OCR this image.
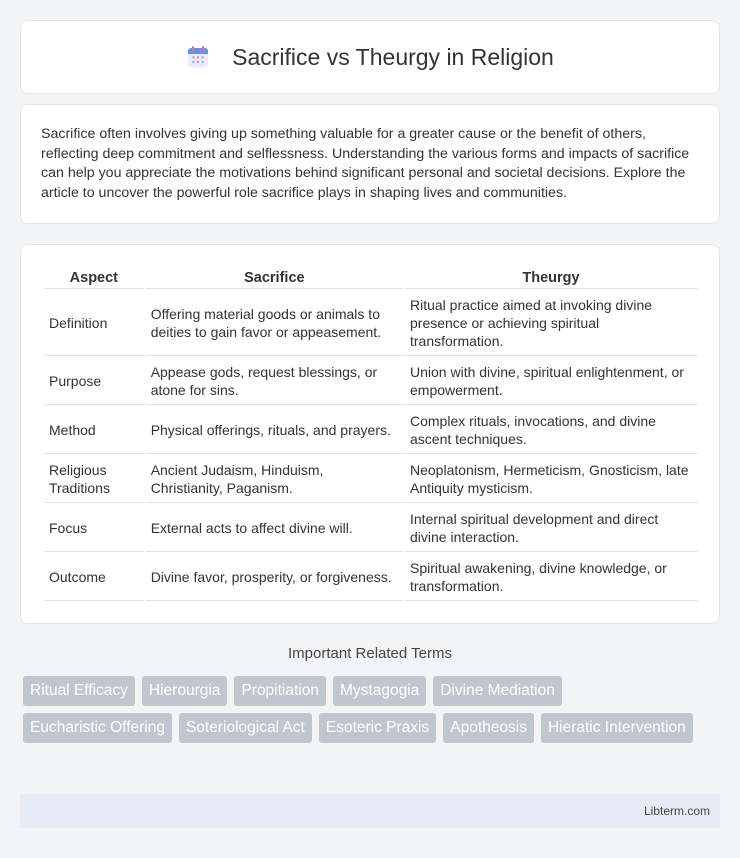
Sacrifice vs Theurgy in Religion

Sacrifice often involves giving up something valuable for a greater cause or the benefit of others, reflecting deep commitment and selflessness. Understanding the various forms and impacts of sacrifice can help you appreciate the motivations behind significant personal and societal decisions. Explore the article to uncover the powerful role sacrifice plays in shaping lives and communities.

Aspect	Sacrifice	Theurgy
Definition	Offering material goods or animals to deities to gain favor or appeasement.	Ritual practice aimed at invoking divine presence or achieving spiritual transformation.
Purpose	Appease gods, request blessings, or atone for sins.	Union with divine, spiritual enlightenment, or empowerment.
Method	Physical offerings, rituals, and prayers.	Complex rituals, invocations, and divine ascent techniques.
Religious Traditions	Ancient Judaism, Hinduism, Christianity, Paganism.	Neoplatonism, Hermeticism, Gnosticism, late Antiquity mysticism.
Focus	External acts to affect divine will.	Internal spiritual development and direct divine interaction.
Outcome	Divine favor, prosperity, or forgiveness.	Spiritual awakening, divine knowledge, or transformation.
Important Related Terms
Ritual Efficacy	Hierourgia	Propitiation	Mystagogia	Divine Mediation
Eucharistic Offering	Soteriological Act	Esoteric Praxis	Apotheosis	Hieratic Intervention
Libterm.com
